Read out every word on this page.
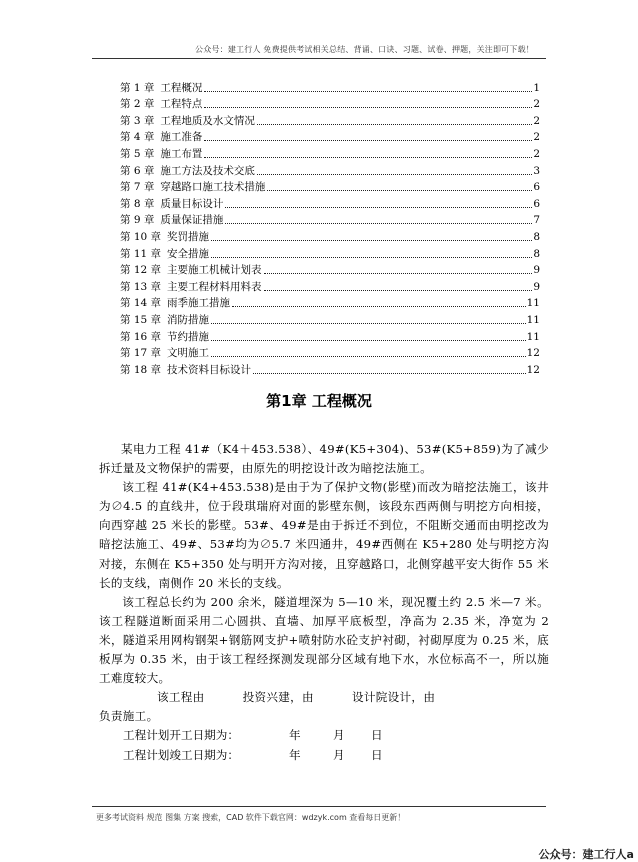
公众号：建工行人 免费提供考试相关总结、背诵、口诀、习题、试卷、押题，关注即可下载！
第 1 章 工程概况	1
第 2 章 工程特点	2
第 3 章 工程地质及水文情况	2
第 4 章 施工准备	2
第 5 章 施工布置	2
第 6 章 施工方法及技术交底	3
第 7 章 穿越路口施工技术措施	6
第 8 章 质量目标设计	6
第 9 章 质量保证措施	7
第 10 章 奖罚措施	8
第 11 章 安全措施	8
第 12 章 主要施工机械计划表	9
第 13 章 主要工程材料用料表	9
第 14 章 雨季施工措施	11
第 15 章 消防措施	11
第 16 章 节约措施	11
第 17 章 文明施工	12
第 18 章 技术资料目标设计	12
第1章 工程概况

某电力工程 41#（K4＋453.538）、49#(K5+304)、53#(K5+859)为了减少拆迁量及文物保护的需要，由原先的明挖设计改为暗挖法施工。

该工程 41#(K4+453.538)是由于为了保护文物(影壁)而改为暗挖法施工，该井为∅4.5 的直线井，位于段琪瑞府对面的影壁东侧，该段东西两侧与明挖方向相接，向西穿越 25 米长的影壁。53#、49#是由于拆迁不到位，不阻断交通而由明挖改为暗挖法施工、49#、53#均为∅5.7 米四通井，49#西侧在 K5+280 处与明挖方沟对接，东侧在 K5+350 处与明开方沟对接，且穿越路口，北侧穿越平安大街作 55 米长的支线，南侧作 20 米长的支线。

该工程总长约为 200 余米，隧道埋深为 5—10 米，现况覆土约 2.5 米—7 米。该工程隧道断面采用二心圆拱、直墙、加厚平底板型，净高为 2.35 米，净宽为 2 米，隧道采用网构钢架+钢筋网支护+喷射防水砼支护衬砌，衬砌厚度为 0.25 米，底板厚为 0.35 米，由于该工程经探测发现部分区域有地下水，水位标高不一，所以施工难度较大。

该工程由	投资兴建，由	设计院设计，由

负责施工。

工程计划开工日期为：	年	月 日

工程计划竣工日期为：	年	月 日

更多考试资料 规范 图集 方案 搜索，CAD 软件下载官网：wdzyk.com 查看每日更新！
公众号：建工行人a
